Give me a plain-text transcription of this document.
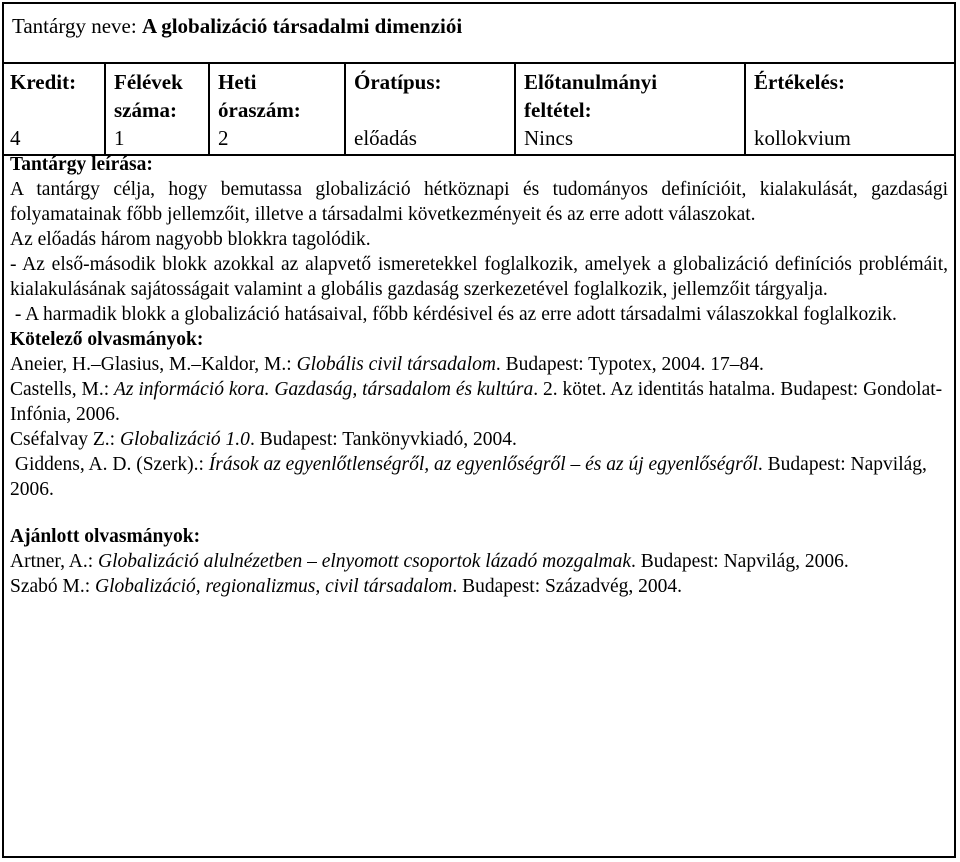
Tantárgy neve: A globalizáció társadalmi dimenziói
Kredit:
4
Félévek
száma:
1
Heti
óraszám:
2
Óratípus:
előadás
Előtanulmányi
feltétel:
Nincs
Értékelés:
kollokvium

Tantárgy leírása:

A tantárgy célja, hogy bemutassa globalizáció hétköznapi és tudományos definícióit, kialakulását, gazdasági folyamatainak főbb jellemzőit, illetve a társadalmi következményeit és az erre adott válaszokat.

Az előadás három nagyobb blokkra tagolódik.

- Az első-második blokk azokkal az alapvető ismeretekkel foglalkozik, amelyek a globalizáció definíciós problémáit, kialakulásának sajátosságait valamint a globális gazdaság szerkezetével foglalkozik, jellemzőit tárgyalja.

- A harmadik blokk a globalizáció hatásaival, főbb kérdésivel és az erre adott társadalmi válaszokkal foglalkozik.

Kötelező olvasmányok:

Aneier, H.–Glasius, M.–Kaldor, M.: Globális civil társadalom. Budapest: Typotex, 2004. 17–84.

Castells, M.: Az információ kora. Gazdaság, társadalom és kultúra. 2. kötet. Az identitás hatalma. Budapest: Gondolat-Infónia, 2006.

Cséfalvay Z.: Globalizáció 1.0. Budapest: Tankönyvkiadó, 2004.

Giddens, A. D. (Szerk).: Írások az egyenlőtlenségről, az egyenlőségről – és az új egyenlőségről. Budapest: Napvilág, 2006.

Ajánlott olvasmányok:

Artner, A.: Globalizáció alulnézetben – elnyomott csoportok lázadó mozgalmak. Budapest: Napvilág, 2006.

Szabó M.: Globalizáció, regionalizmus, civil társadalom. Budapest: Századvég, 2004.
